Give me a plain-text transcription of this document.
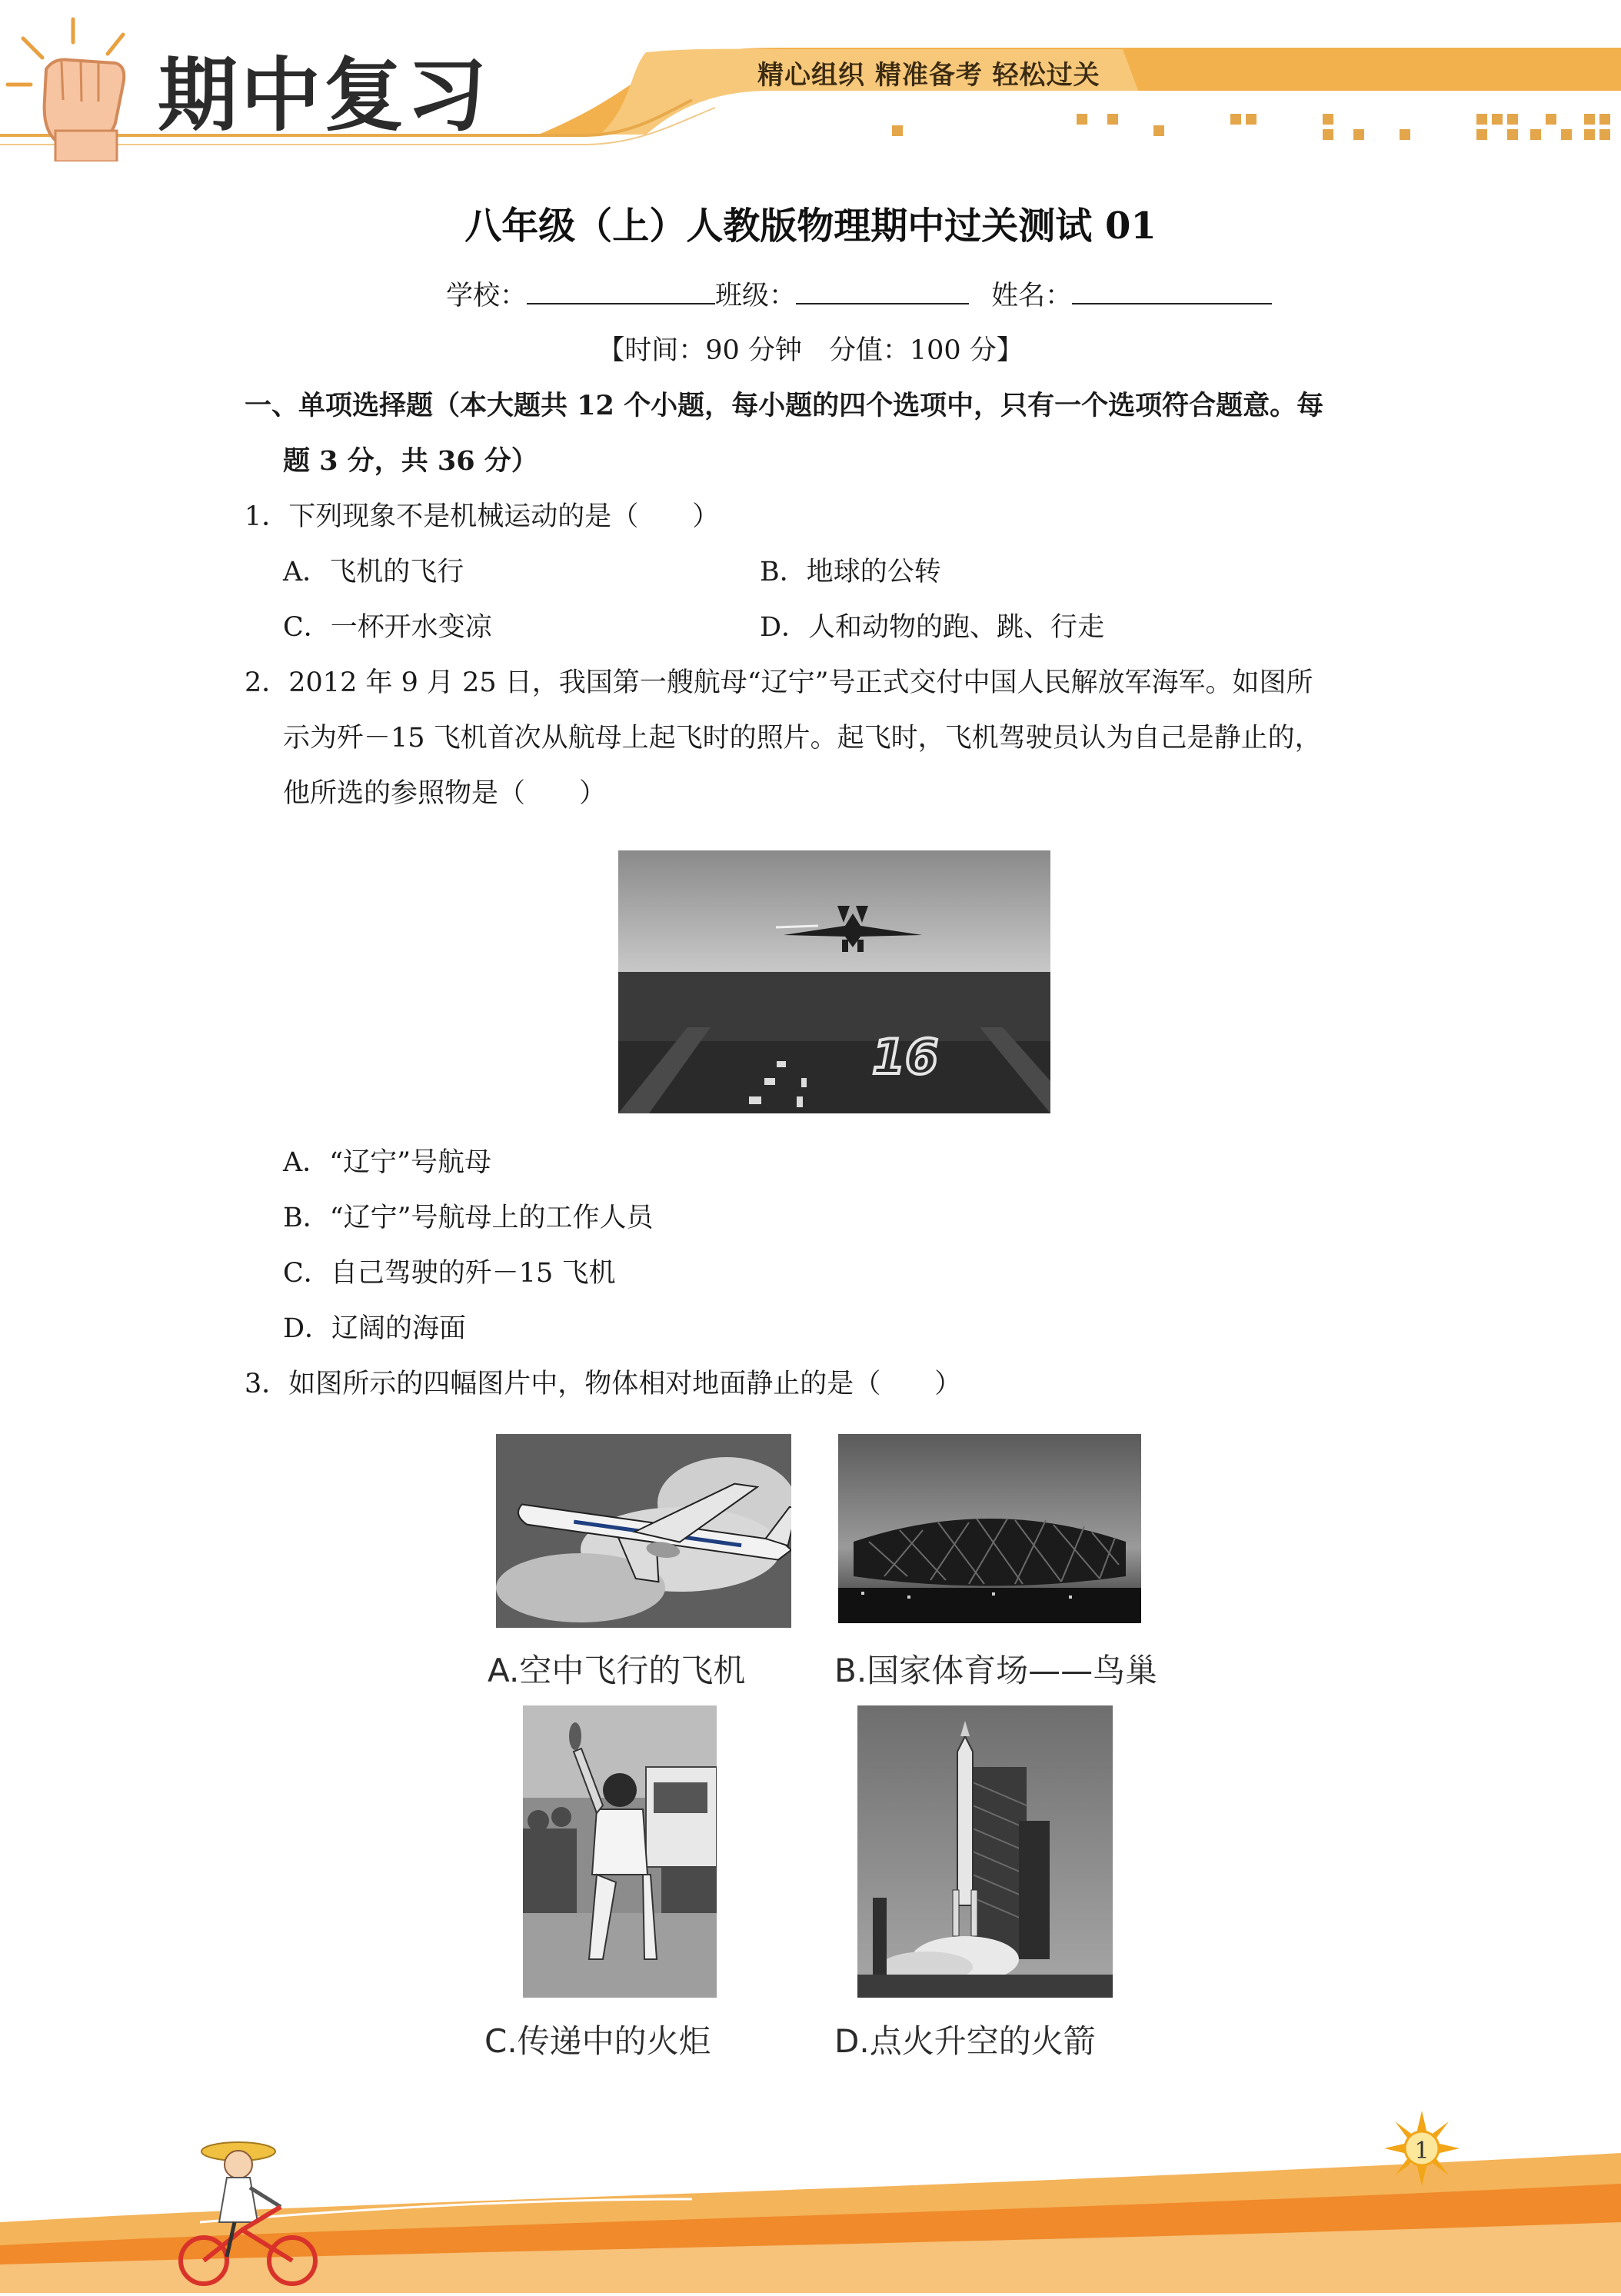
期中复习	精心组织 精准备考 轻松过关
八年级（上）人教版物理期中过关测试 01
学校：	班级：	姓名：
【时间：90 分钟　分值：100 分】
一、单项选择题（本大题共 12 个小题，每小题的四个选项中，只有一个选项符合题意。每
题 3 分，共 36 分）
1．下列现象不是机械运动的是（　　）
A．飞机的飞行	B．地球的公转
C．一杯开水变凉	D．人和动物的跑、跳、行走
2．2012 年 9 月 25 日，我国第一艘航母“辽宁”号正式交付中国人民解放军海军。如图所
示为歼－15 飞机首次从航母上起飞时的照片。起飞时，飞机驾驶员认为自己是静止的，
他所选的参照物是（　　）
16
A．“辽宁”号航母
B．“辽宁”号航母上的工作人员
C．自己驾驶的歼－15 飞机
D．辽阔的海面
3．如图所示的四幅图片中，物体相对地面静止的是（　　）
A.空中飞行的飞机	B.国家体育场——鸟巢
C.传递中的火炬	D.点火升空的火箭
1
